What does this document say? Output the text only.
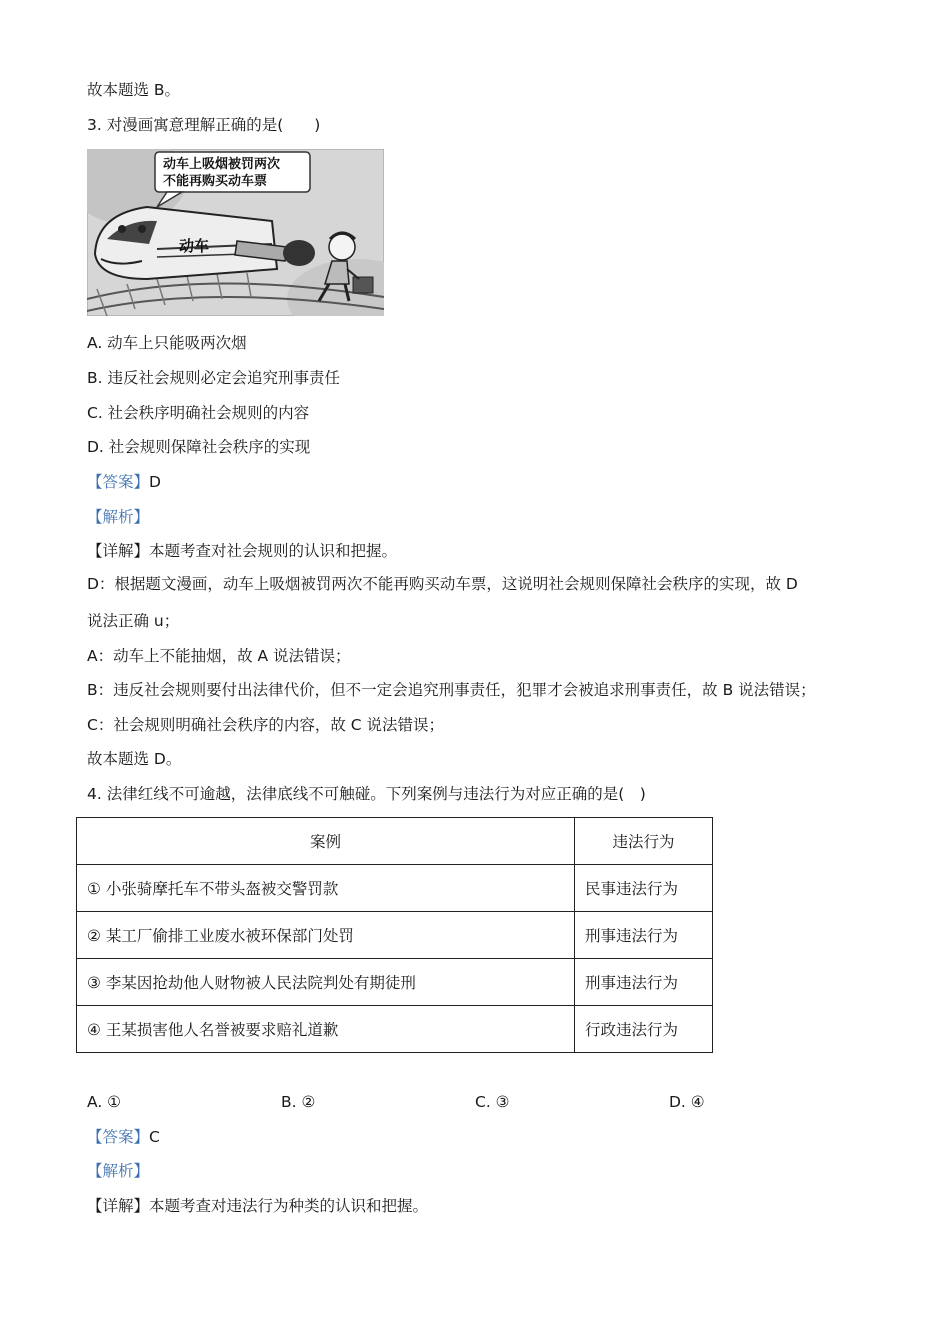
故本题选 B。
3. 对漫画寓意理解正确的是(　　)
动车上吸烟被罚两次
不能再购买动车票
动车
A. 动车上只能吸两次烟
B. 违反社会规则必定会追究刑事责任
C. 社会秩序明确社会规则的内容
D. 社会规则保障社会秩序的实现
【答案】D
【解析】
【详解】本题考查对社会规则的认识和把握。
D：根据题文漫画，动车上吸烟被罚两次不能再购买动车票，这说明社会规则保障社会秩序的实现，故 D
说法正确 u；
A：动车上不能抽烟，故 A 说法错误；
B：违反社会规则要付出法律代价，但不一定会追究刑事责任，犯罪才会被追求刑事责任，故 B 说法错误；
C：社会规则明确社会秩序的内容，故 C 说法错误；
故本题选 D。
4. 法律红线不可逾越，法律底线不可触碰。下列案例与违法行为对应正确的是(　)
案例	违法行为
① 小张骑摩托车不带头盔被交警罚款	民事违法行为
② 某工厂偷排工业废水被环保部门处罚	刑事违法行为
③ 李某因抢劫他人财物被人民法院判处有期徒刑	刑事违法行为
④ 王某损害他人名誉被要求赔礼道歉	行政违法行为
A. ①	B. ②	C. ③	D. ④
【答案】C
【解析】
【详解】本题考查对违法行为种类的认识和把握。
